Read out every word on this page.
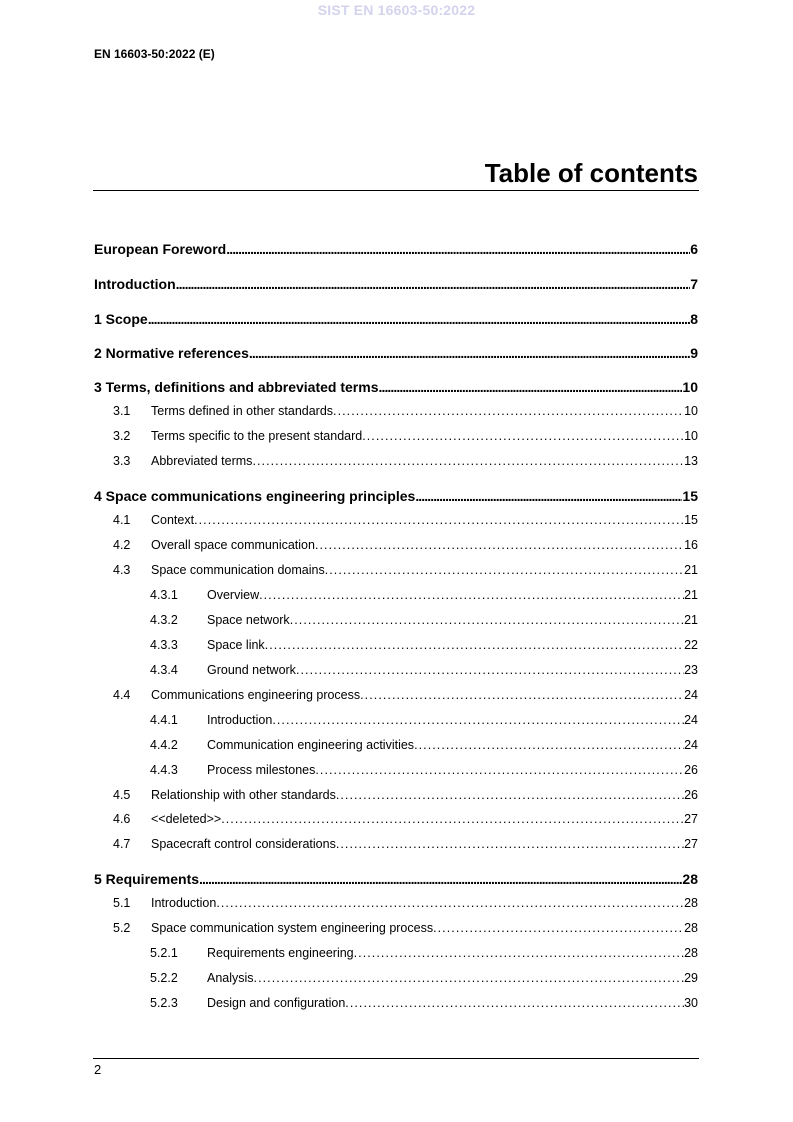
SIST EN 16603-50:2022
EN 16603-50:2022 (E)
Table of contents
European Foreword . . .	6
Introduction . . .	7
1 Scope . . .	8
2 Normative references . . .	9
3 Terms, definitions and abbreviated terms . . .	10
3.1	Terms defined in other standards . . .	10
3.2	Terms specific to the present standard . . .	10
3.3	Abbreviated terms . . .	13
4 Space communications engineering principles . . .	15
4.1	Context . . .	15
4.2	Overall space communication . . .	16
4.3	Space communication domains . . .	21
4.3.1	Overview . . .	21
4.3.2	Space network . . .	21
4.3.3	Space link . . .	22
4.3.4	Ground network . . .	23
4.4	Communications engineering process . . .	24
4.4.1	Introduction . . .	24
4.4.2	Communication engineering activities . . .	24
4.4.3	Process milestones . . .	26
4.5	Relationship with other standards . . .	26
4.6	<<deleted>> . . .	27
4.7	Spacecraft control considerations . . .	27
5 Requirements . . .	28
5.1	Introduction . . .	28
5.2	Space communication system engineering process . . .	28
5.2.1	Requirements engineering . . .	28
5.2.2	Analysis . . .	29
5.2.3	Design and configuration . . .	30
2
